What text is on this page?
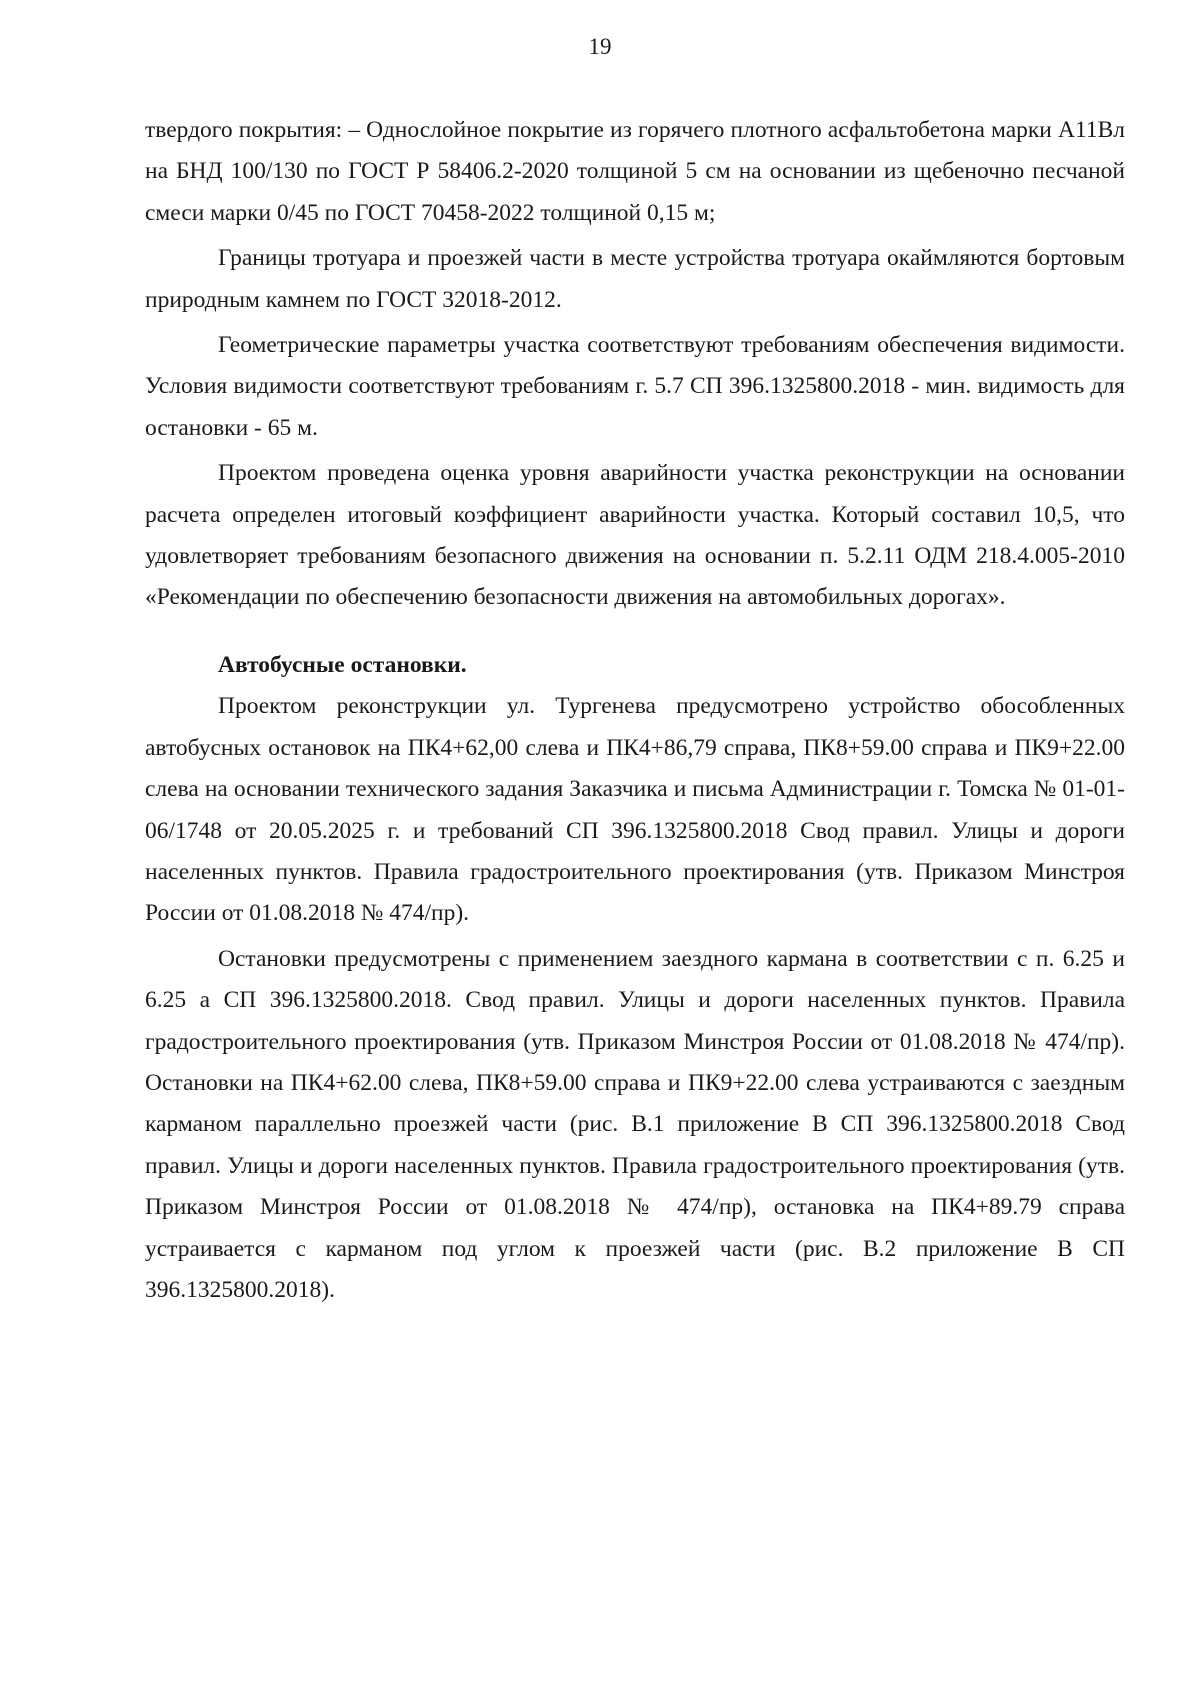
19

твердого покрытия: – Однослойное покрытие из горячего плотного асфальтобетона марки А11Вл на БНД 100/130 по ГОСТ Р 58406.2-2020 толщиной 5 см на основании из щебеночно песчаной смеси марки 0/45 по ГОСТ 70458-2022 толщиной 0,15 м;

Границы тротуара и проезжей части в месте устройства тротуара окаймляются бортовым природным камнем по ГОСТ 32018-2012.

Геометрические параметры участка соответствуют требованиям обеспечения видимости. Условия видимости соответствуют требованиям г. 5.7 СП 396.1325800.2018 - мин. видимость для остановки - 65 м.

Проектом проведена оценка уровня аварийности участка реконструкции на основании расчета определен итоговый коэффициент аварийности участка. Который составил 10,5, что удовлетворяет требованиям безопасного движения на основании п. 5.2.11 ОДМ 218.4.005-2010 «Рекомендации по обеспечению безопасности движения на автомобильных дорогах».

Автобусные остановки.

Проектом реконструкции ул. Тургенева предусмотрено устройство обособленных автобусных остановок на ПК4+62,00 слева и ПК4+86,79 справа, ПК8+59.00 справа и ПК9+22.00 слева на основании технического задания Заказчика и письма Администрации г. Томска № 01-01-06/1748 от 20.05.2025 г. и требований СП 396.1325800.2018 Свод правил. Улицы и дороги населенных пунктов. Правила градостроительного проектирования (утв. Приказом Минстроя России от 01.08.2018 № 474/пр).

Остановки предусмотрены с применением заездного кармана в соответствии с п. 6.25 и 6.25 а СП 396.1325800.2018. Свод правил. Улицы и дороги населенных пунктов. Правила градостроительного проектирования (утв. Приказом Минстроя России от 01.08.2018 № 474/пр). Остановки на ПК4+62.00 слева, ПК8+59.00 справа и ПК9+22.00 слева устраиваются с заездным карманом параллельно проезжей части (рис. В.1 приложение В СП 396.1325800.2018 Свод правил. Улицы и дороги населенных пунктов. Правила градостроительного проектирования (утв. Приказом Минстроя России от 01.08.2018 № 474/пр), остановка на ПК4+89.79 справа устраивается с карманом под углом к проезжей части (рис. В.2 приложение В СП 396.1325800.2018).
